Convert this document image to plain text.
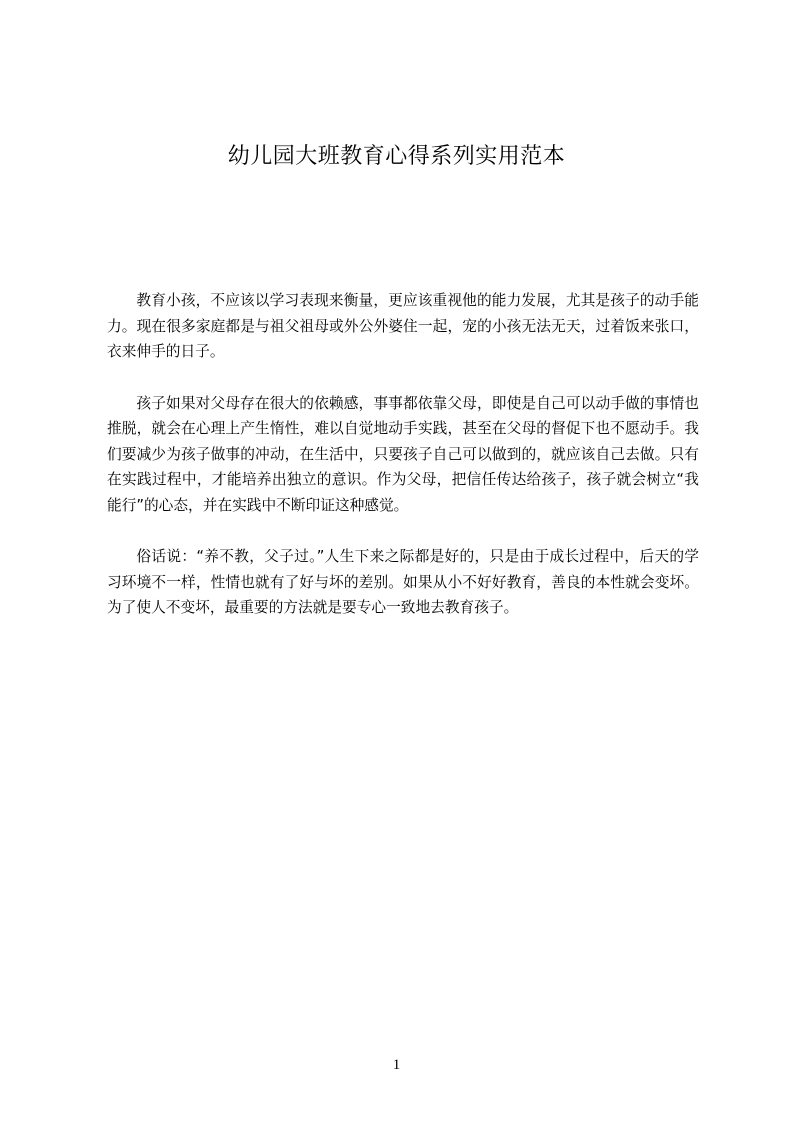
幼儿园大班教育心得系列实用范本

教育小孩，不应该以学习表现来衡量，更应该重视他的能力发展，尤其是孩子的动手能力。现在很多家庭都是与祖父祖母或外公外婆住一起，宠的小孩无法无天，过着饭来张口，衣来伸手的日子。

孩子如果对父母存在很大的依赖感，事事都依靠父母，即使是自己可以动手做的事情也推脱，就会在心理上产生惰性，难以自觉地动手实践，甚至在父母的督促下也不愿动手。我们要减少为孩子做事的冲动，在生活中，只要孩子自己可以做到的，就应该自己去做。只有在实践过程中，才能培养出独立的意识。作为父母，把信任传达给孩子，孩子就会树立“我能行”的心态，并在实践中不断印证这种感觉。

俗话说：“养不教，父子过。”人生下来之际都是好的，只是由于成长过程中，后天的学习环境不一样，性情也就有了好与坏的差别。如果从小不好好教育，善良的本性就会变坏。为了使人不变坏，最重要的方法就是要专心一致地去教育孩子。

1
